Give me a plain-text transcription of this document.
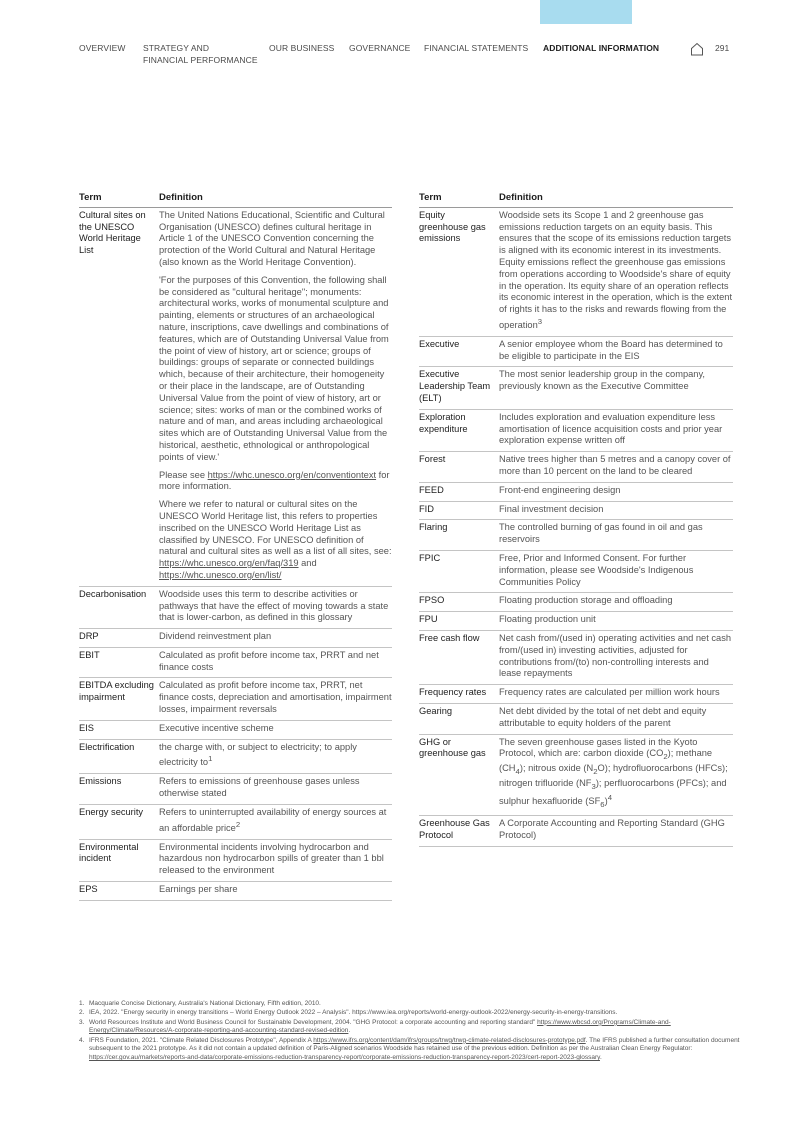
OVERVIEW STRATEGY AND
FINANCIAL PERFORMANCE
OUR BUSINESS GOVERNANCE FINANCIAL STATEMENTS ADDITIONAL INFORMATION	291
Term	Definition
Cultural sites on the UNESCO World Heritage List	The United Nations Educational, Scientific and Cultural Organisation (UNESCO) defines cultural heritage in Article 1 of the UNESCO Convention concerning the protection of the World Cultural and Natural Heritage (also known as the World Heritage Convention).

'For the purposes of this Convention, the following shall be considered as "cultural heritage"; monuments: architectural works, works of monumental sculpture and painting, elements or structures of an archaeological nature, inscriptions, cave dwellings and combinations of features, which are of Outstanding Universal Value from the point of view of history, art or science; groups of buildings: groups of separate or connected buildings which, because of their architecture, their homogeneity or their place in the landscape, are of Outstanding Universal Value from the point of view of history, art or science; sites: works of man or the combined works of nature and of man, and areas including archaeological sites which are of Outstanding Universal Value from the historical, aesthetic, ethnological or anthropological points of view.'

Please see https://whc.unesco.org/en/conventiontext for more information.

Where we refer to natural or cultural sites on the UNESCO World Heritage list, this refers to properties inscribed on the UNESCO World Heritage List as classified by UNESCO. For UNESCO definition of natural and cultural sites as well as a list of all sites, see: https://whc.unesco.org/en/faq/319 and https://whc.unesco.org/en/list/

Decarbonisation	Woodside uses this term to describe activities or pathways that have the effect of moving towards a state that is lower-carbon, as defined in this glossary
DRP	Dividend reinvestment plan
EBIT	Calculated as profit before income tax, PRRT and net finance costs
EBITDA excluding impairment	Calculated as profit before income tax, PRRT, net finance costs, depreciation and amortisation, impairment losses, impairment reversals
EIS	Executive incentive scheme
Electrification	the charge with, or subject to electricity; to apply electricity $to^1$
Emissions	Refers to emissions of greenhouse gases unless otherwise stated
Energy security	Refers to uninterrupted availability of energy sources at an affordable price$^2$
Environmental incident	Environmental incidents involving hydrocarbon and hazardous non hydrocarbon spills of greater than 1 bbl released to the environment
EPS	Earnings per share
Term	Definition
Equity greenhouse gas emissions	Woodside sets its Scope 1 and 2 greenhouse gas emissions reduction targets on an equity basis. This ensures that the scope of its emissions reduction targets is aligned with its economic interest in its investments. Equity emissions reflect the greenhouse gas emissions from operations according to Woodside's share of equity in the operation. Its equity share of an operation reflects its economic interest in the operation, which is the extent of rights it has to the risks and rewards flowing from the operation$^3$
Executive	A senior employee whom the Board has determined to be eligible to participate in the EIS
Executive Leadership Team (ELT)	The most senior leadership group in the company, previously known as the Executive Committee
Exploration expenditure	Includes exploration and evaluation expenditure less amortisation of licence acquisition costs and prior year exploration expense written off
Forest	Native trees higher than 5 metres and a canopy cover of more than 10 percent on the land to be cleared
FEED	Front-end engineering design
FID	Final investment decision
Flaring	The controlled burning of gas found in oil and gas reservoirs
FPIC	Free, Prior and Informed Consent. For further information, please see Woodside's Indigenous Communities Policy
FPSO	Floating production storage and offloading
FPU	Floating production unit
Free cash flow	Net cash from/(used in) operating activities and net cash from/(used in) investing activities, adjusted for contributions from/(to) non-controlling interests and lease repayments
Frequency rates	Frequency rates are calculated per million work hours
Gearing	Net debt divided by the total of net debt and equity attributable to equity holders of the parent
GHG or greenhouse gas	The seven greenhouse gases listed in the Kyoto Protocol, which are: carbon dioxide $(CO_2)$; methane $(CH_4)$; nitrous oxide $(N_2O)$; hydrofluorocarbons (HFCs); nitrogen trifluoride $(NF_3)$; perfluorocarbons (PFCs); and sulphur hexafluoride $(SF_6)^4$
Greenhouse Gas Protocol	A Corporate Accounting and Reporting Standard (GHG Protocol)
1. Macquarie Concise Dictionary, Australia's National Dictionary, Fifth edition, 2010.
2. IEA, 2022. "Energy security in energy transitions – World Energy Outlook 2022 – Analysis". https://www.iea.org/reports/world-energy-outlook-2022/energy-security-in-energy-transitions.
3. World Resources Institute and World Business Council for Sustainable Development, 2004. "GHG Protocol: a corporate accounting and reporting standard" https://www.wbcsd.org/Programs/Climate-and-Energy/Climate/Resources/A-corporate-reporting-and-accounting-standard-revised-edition.
4. IFRS Foundation, 2021. "Climate Related Disclosures Prototype", Appendix A https://www.ifrs.org/content/dam/ifrs/groups/trwg/trwg-climate-related-disclosures-prototype.pdf. The IFRS published a further consultation document subsequent to the 2021 prototype. As it did not contain a updated definition of Paris-Aligned scenarios Woodside has retained use of the previous edition. Definition as per the Australian Clean Energy Regulator: https://cer.gov.au/markets/reports-and-data/corporate-emissions-reduction-transparency-report/corporate-emissions-reduction-transparency-report-2023/cert-report-2023-glossary.
